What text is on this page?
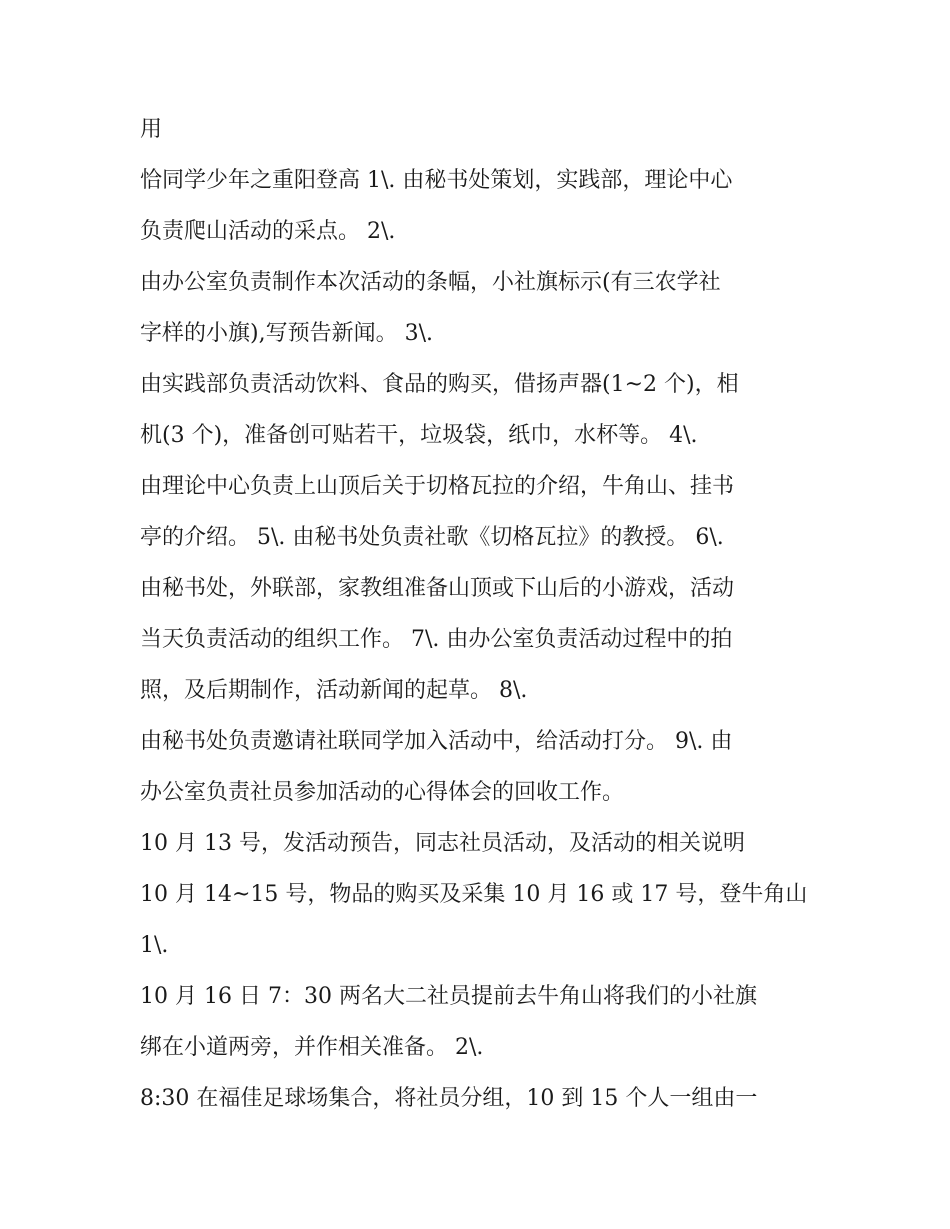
用
恰同学少年之重阳登高 1\. 由秘书处策划，实践部，理论中心
负责爬山活动的采点。 2\.
由办公室负责制作本次活动的条幅，小社旗标示(有三农学社
字样的小旗),写预告新闻。 3\.
由实践部负责活动饮料、食品的购买，借扬声器(1~2 个)，相
机(3 个)，准备创可贴若干，垃圾袋，纸巾，水杯等。 4\.
由理论中心负责上山顶后关于切格瓦拉的介绍，牛角山、挂书
亭的介绍。 5\. 由秘书处负责社歌《切格瓦拉》的教授。 6\.
由秘书处，外联部，家教组准备山顶或下山后的小游戏，活动
当天负责活动的组织工作。 7\. 由办公室负责活动过程中的拍
照，及后期制作，活动新闻的起草。 8\.
由秘书处负责邀请社联同学加入活动中，给活动打分。 9\. 由
办公室负责社员参加活动的心得体会的回收工作。
10 月 13 号，发活动预告，同志社员活动，及活动的相关说明
10 月 14~15 号，物品的购买及采集 10 月 16 或 17 号，登牛角山
1\.
10 月 16 日 7：30 两名大二社员提前去牛角山将我们的小社旗
绑在小道两旁，并作相关准备。 2\.
8:30 在福佳足球场集合，将社员分组，10 到 15 个人一组由一
